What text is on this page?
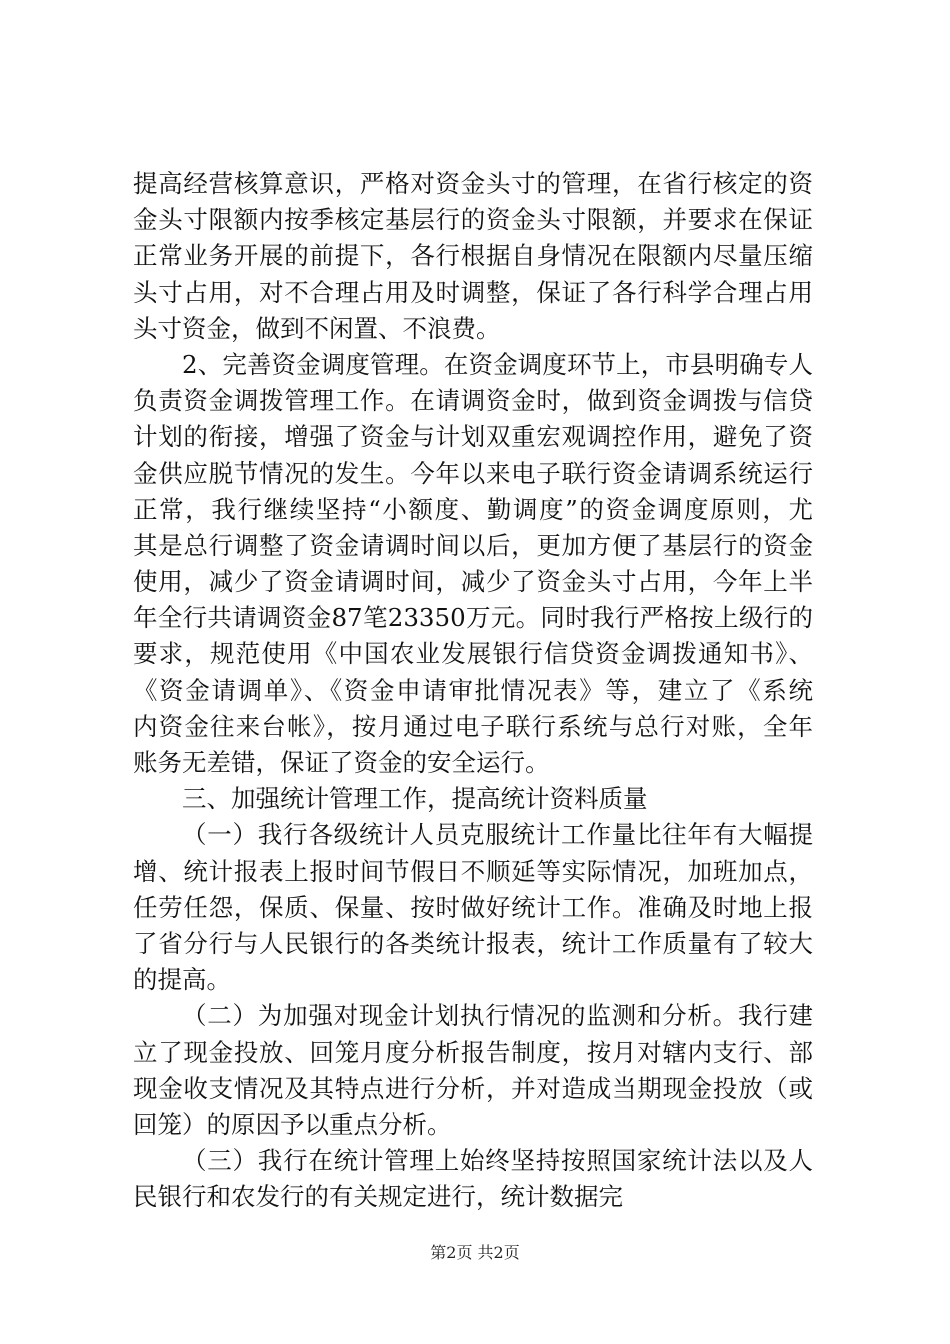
提高经营核算意识，严格对资金头寸的管理，在省行核定的资
金头寸限额内按季核定基层行的资金头寸限额，并要求在保证
正常业务开展的前提下，各行根据自身情况在限额内尽量压缩
头寸占用，对不合理占用及时调整，保证了各行科学合理占用
头寸资金，做到不闲置、不浪费。
2、完善资金调度管理。在资金调度环节上，市县明确专人
负责资金调拨管理工作。在请调资金时，做到资金调拨与信贷
计划的衔接，增强了资金与计划双重宏观调控作用，避免了资
金供应脱节情况的发生。今年以来电子联行资金请调系统运行
正常，我行继续坚持“小额度、勤调度”的资金调度原则，尤
其是总行调整了资金请调时间以后，更加方便了基层行的资金
使用，减少了资金请调时间，减少了资金头寸占用，今年上半
年全行共请调资金87笔23350万元。同时我行严格按上级行的
要求，规范使用《中国农业发展银行信贷资金调拨通知书》、
《资金请调单》、《资金申请审批情况表》等，建立了《系统
内资金往来台帐》，按月通过电子联行系统与总行对账，全年
账务无差错，保证了资金的安全运行。
三、加强统计管理工作，提高统计资料质量
（一）我行各级统计人员克服统计工作量比往年有大幅提
增、统计报表上报时间节假日不顺延等实际情况，加班加点，
任劳任怨，保质、保量、按时做好统计工作。准确及时地上报
了省分行与人民银行的各类统计报表，统计工作质量有了较大
的提高。
（二）为加强对现金计划执行情况的监测和分析。我行建
立了现金投放、回笼月度分析报告制度，按月对辖内支行、部
现金收支情况及其特点进行分析，并对造成当期现金投放（或
回笼）的原因予以重点分析。
（三）我行在统计管理上始终坚持按照国家统计法以及人
民银行和农发行的有关规定进行，统计数据完
第2页 共2页
